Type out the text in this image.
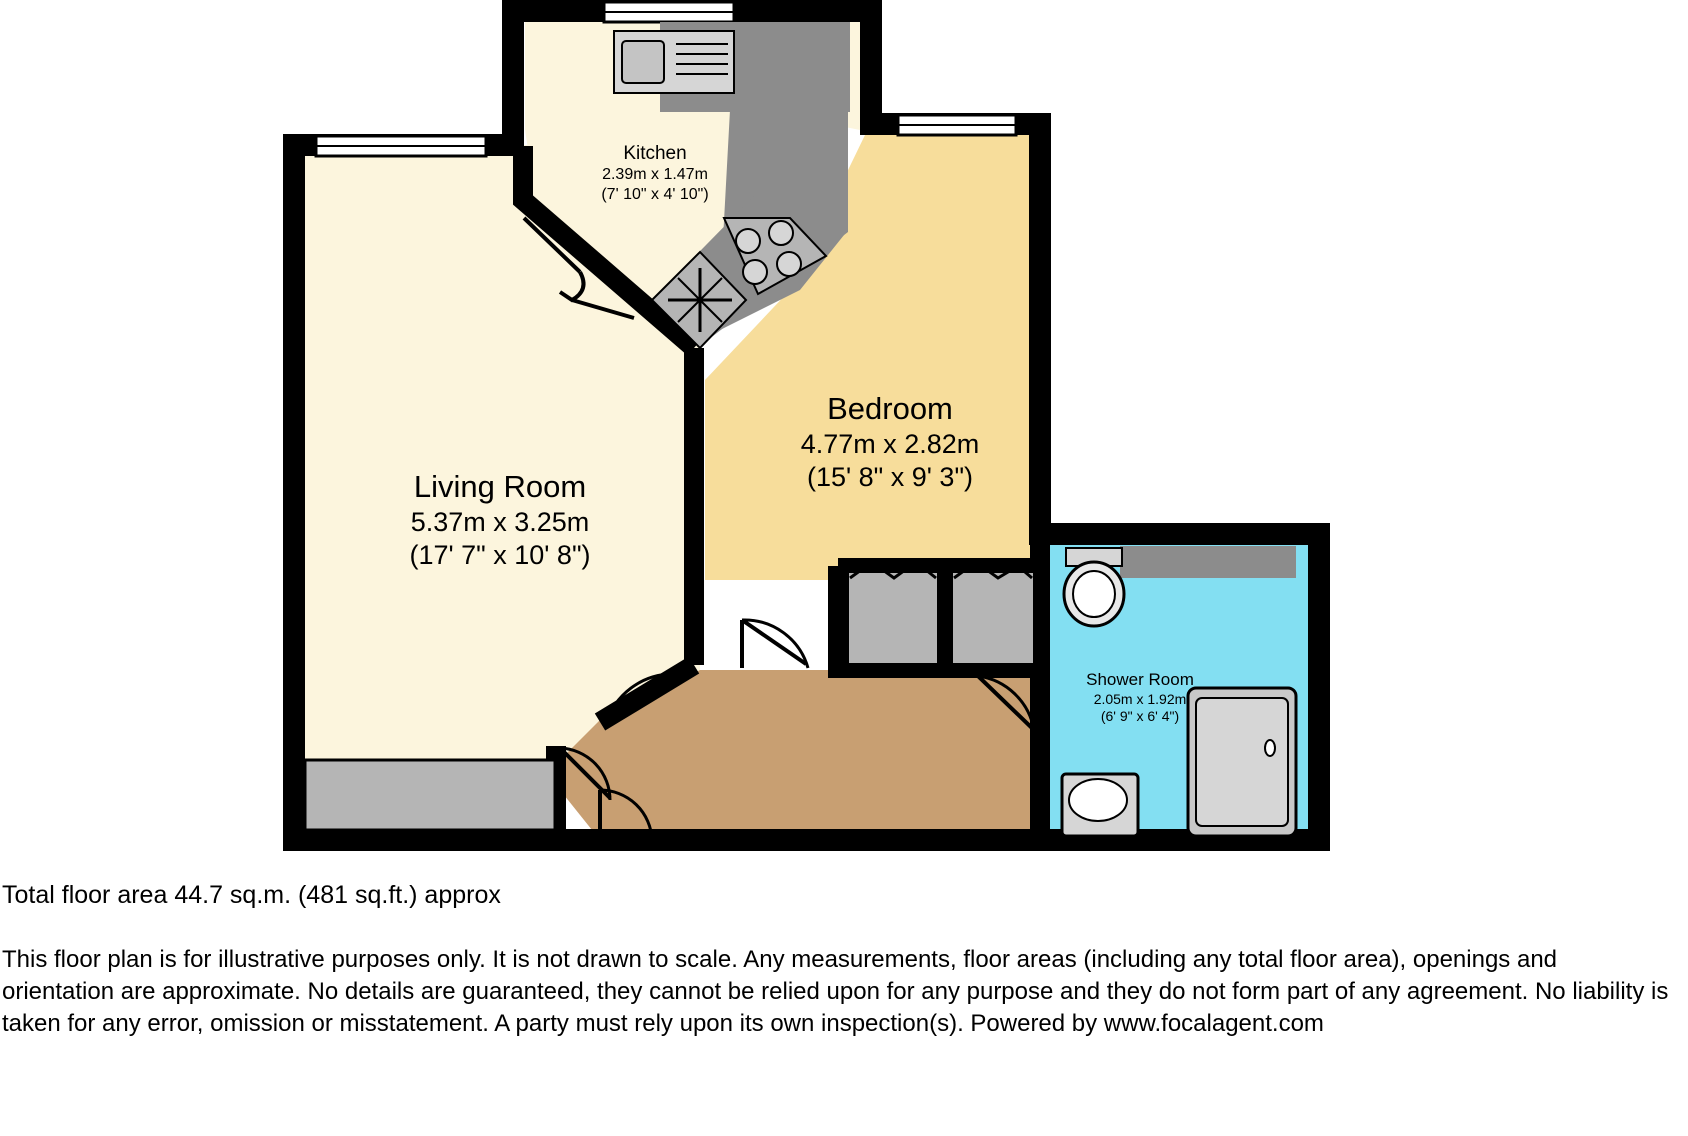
Living Room
5.37m x 3.25m
(17' 7" x 10' 8")
Bedroom
4.77m x 2.82m
(15' 8" x 9' 3")
Kitchen
2.39m x 1.47m
(7' 10" x 4' 10")
Shower Room
2.05m x 1.92m
(6' 9" x 6' 4")

Total floor area 44.7 sq.m. (481 sq.ft.) approx

This floor plan is for illustrative purposes only. It is not drawn to scale. Any measurements, floor areas (including any total floor area), openings and orientation are approximate. No details are guaranteed, they cannot be relied upon for any purpose and they do not form part of any agreement. No liability is taken for any error, omission or misstatement. A party must rely upon its own inspection(s). Powered by www.focalagent.com
